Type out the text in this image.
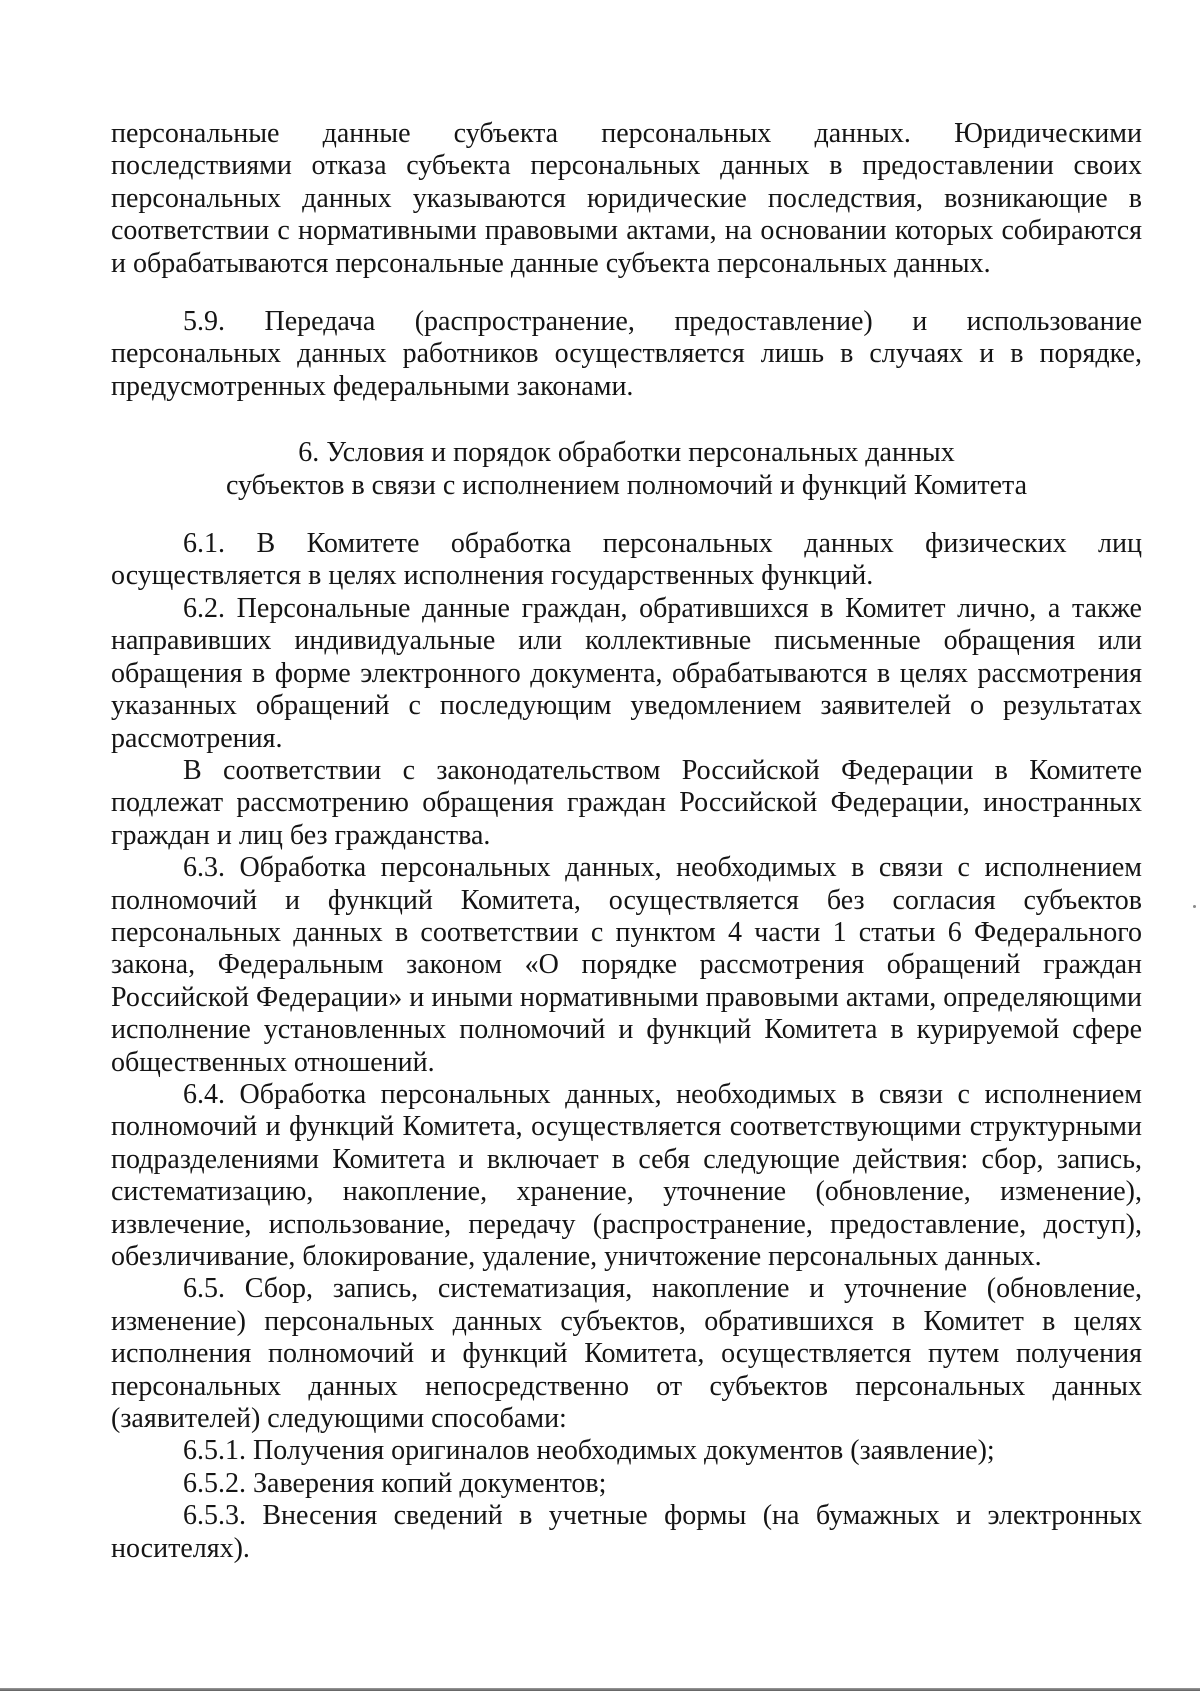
персональные данные субъекта персональных данных. Юридическими последствиями отказа субъекта персональных данных в предоставлении своих персональных данных указываются юридические последствия, возникающие в соответствии с нормативными правовыми актами, на основании которых собираются и обрабатываются персональные данные субъекта персональных данных.

5.9. Передача (распространение, предоставление) и использование персональных данных работников осуществляется лишь в случаях и в порядке, предусмотренных федеральными законами.

6. Условия и порядок обработки персональных данных
субъектов в связи с исполнением полномочий и функций Комитета

6.1. В Комитете обработка персональных данных физических лиц осуществляется в целях исполнения государственных функций.

6.2. Персональные данные граждан, обратившихся в Комитет лично, а также направивших индивидуальные или коллективные письменные обращения или обращения в форме электронного документа, обрабатываются в целях рассмотрения указанных обращений с последующим уведомлением заявителей о результатах рассмотрения.

В соответствии с законодательством Российской Федерации в Комитете подлежат рассмотрению обращения граждан Российской Федерации, иностранных граждан и лиц без гражданства.

6.3. Обработка персональных данных, необходимых в связи с исполнением полномочий и функций Комитета, осуществляется без согласия субъектов персональных данных в соответствии с пунктом 4 части 1 статьи 6 Федерального закона, Федеральным законом «О порядке рассмотрения обращений граждан Российской Федерации» и иными нормативными правовыми актами, определяющими исполнение установленных полномочий и функций Комитета в курируемой сфере общественных отношений.

6.4. Обработка персональных данных, необходимых в связи с исполнением полномочий и функций Комитета, осуществляется соответствующими структурными подразделениями Комитета и включает в себя следующие действия: сбор, запись, систематизацию, накопление, хранение, уточнение (обновление, изменение), извлечение, использование, передачу (распространение, предоставление, доступ), обезличивание, блокирование, удаление, уничтожение персональных данных.

6.5. Сбор, запись, систематизация, накопление и уточнение (обновление, изменение) персональных данных субъектов, обратившихся в Комитет в целях исполнения полномочий и функций Комитета, осуществляется путем получения персональных данных непосредственно от субъектов персональных данных (заявителей) следующими способами:

6.5.1. Получения оригиналов необходимых документов (заявление);

6.5.2. Заверения копий документов;

6.5.3. Внесения сведений в учетные формы (на бумажных и электронных носителях).
